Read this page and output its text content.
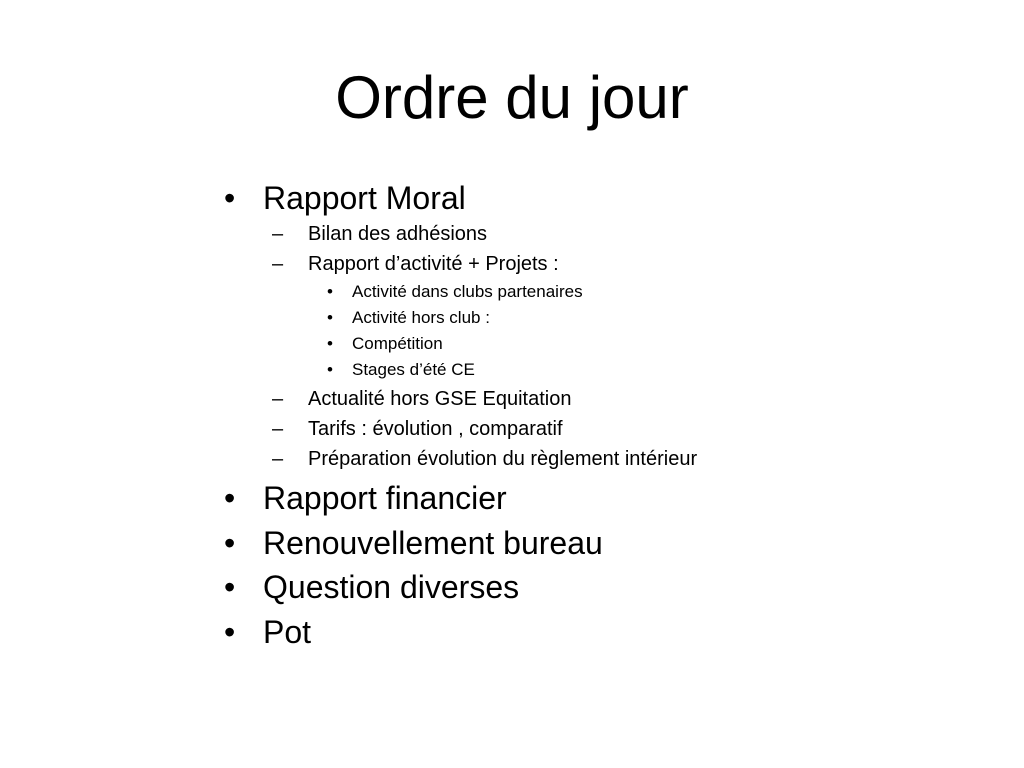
Ordre du jour
• Rapport Moral
– Bilan des adhésions
– Rapport d’activité + Projets :
• Activité dans clubs partenaires
• Activité hors club :
• Compétition
• Stages d’été CE
– Actualité hors GSE Equitation
– Tarifs : évolution , comparatif
– Préparation évolution du règlement intérieur
• Rapport financier
• Renouvellement bureau
• Question diverses
• Pot
